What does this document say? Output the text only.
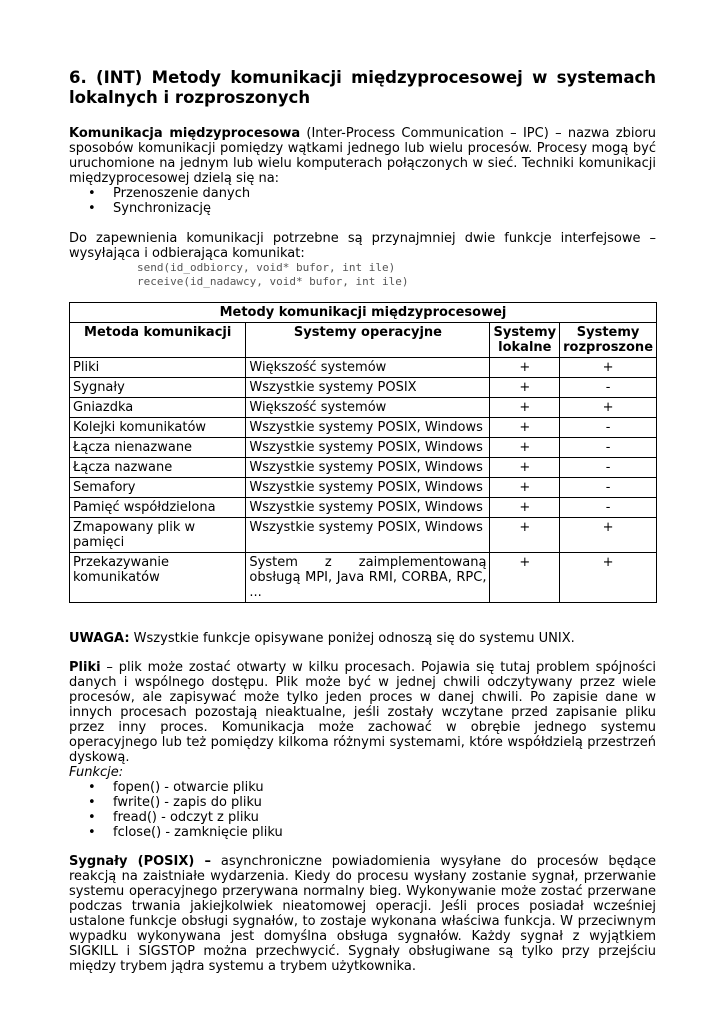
6. (INT) Metody komunikacji międzyprocesowej w systemach lokalnych i rozproszonych

Komunikacja międzyprocesowa (Inter-Process Communication – IPC) – nazwa zbioru sposobów komunikacji pomiędzy wątkami jednego lub wielu procesów. Procesy mogą być uruchomione na jednym lub wielu komputerach połączonych w sieć. Techniki komunikacji międzyprocesowej dzielą się na:

• Przenoszenie danych
• Synchronizację

Do zapewnienia komunikacji potrzebne są przynajmniej dwie funkcje interfejsowe – wysyłająca i odbierająca komunikat:

send(id_odbiorcy, void* bufor, int ile)
receive(id_nadawcy, void* bufor, int ile)
Metody komunikacji międzyprocesowej			
Metoda komunikacji	Systemy operacyjne	Systemy lokalne	Systemy rozproszone
Pliki	Większość systemów	+	+
Sygnały	Wszystkie systemy POSIX	+	-
Gniazdka	Większość systemów	+	+
Kolejki komunikatów	Wszystkie systemy POSIX, Windows	+	-
Łącza nienazwane	Wszystkie systemy POSIX, Windows	+	-
Łącza nazwane	Wszystkie systemy POSIX, Windows	+	-
Semafory	Wszystkie systemy POSIX, Windows	+	-
Pamięć współdzielona	Wszystkie systemy POSIX, Windows	+	-
Zmapowany plik w pamięci	Wszystkie systemy POSIX, Windows	+	+
Przekazywanie komunikatów	System z zaimplementowaną obsługą MPI, Java RMI, CORBA, RPC, ...	+	+

UWAGA: Wszystkie funkcje opisywane poniżej odnoszą się do systemu UNIX.

Pliki – plik może zostać otwarty w kilku procesach. Pojawia się tutaj problem spójności danych i wspólnego dostępu. Plik może być w jednej chwili odczytywany przez wiele procesów, ale zapisywać może tylko jeden proces w danej chwili. Po zapisie dane w innych procesach pozostają nieaktualne, jeśli zostały wczytane przed zapisanie pliku przez inny proces. Komunikacja może zachować w obrębie jednego systemu operacyjnego lub też pomiędzy kilkoma różnymi systemami, które współdzielą przestrzeń dyskową.

Funkcje:

• fopen() - otwarcie pliku
• fwrite() - zapis do pliku
• fread() - odczyt z pliku
• fclose() - zamknięcie pliku

Sygnały (POSIX) – asynchroniczne powiadomienia wysyłane do procesów będące reakcją na zaistniałe wydarzenia. Kiedy do procesu wysłany zostanie sygnał, przerwanie systemu operacyjnego przerywana normalny bieg. Wykonywanie może zostać przerwane podczas trwania jakiejkolwiek nieatomowej operacji. Jeśli proces posiadał wcześniej ustalone funkcje obsługi sygnałów, to zostaje wykonana właściwa funkcja. W przeciwnym wypadku wykonywana jest domyślna obsługa sygnałów. Każdy sygnał z wyjątkiem SIGKILL i SIGSTOP można przechwycić. Sygnały obsługiwane są tylko przy przejściu między trybem jądra systemu a trybem użytkownika.
